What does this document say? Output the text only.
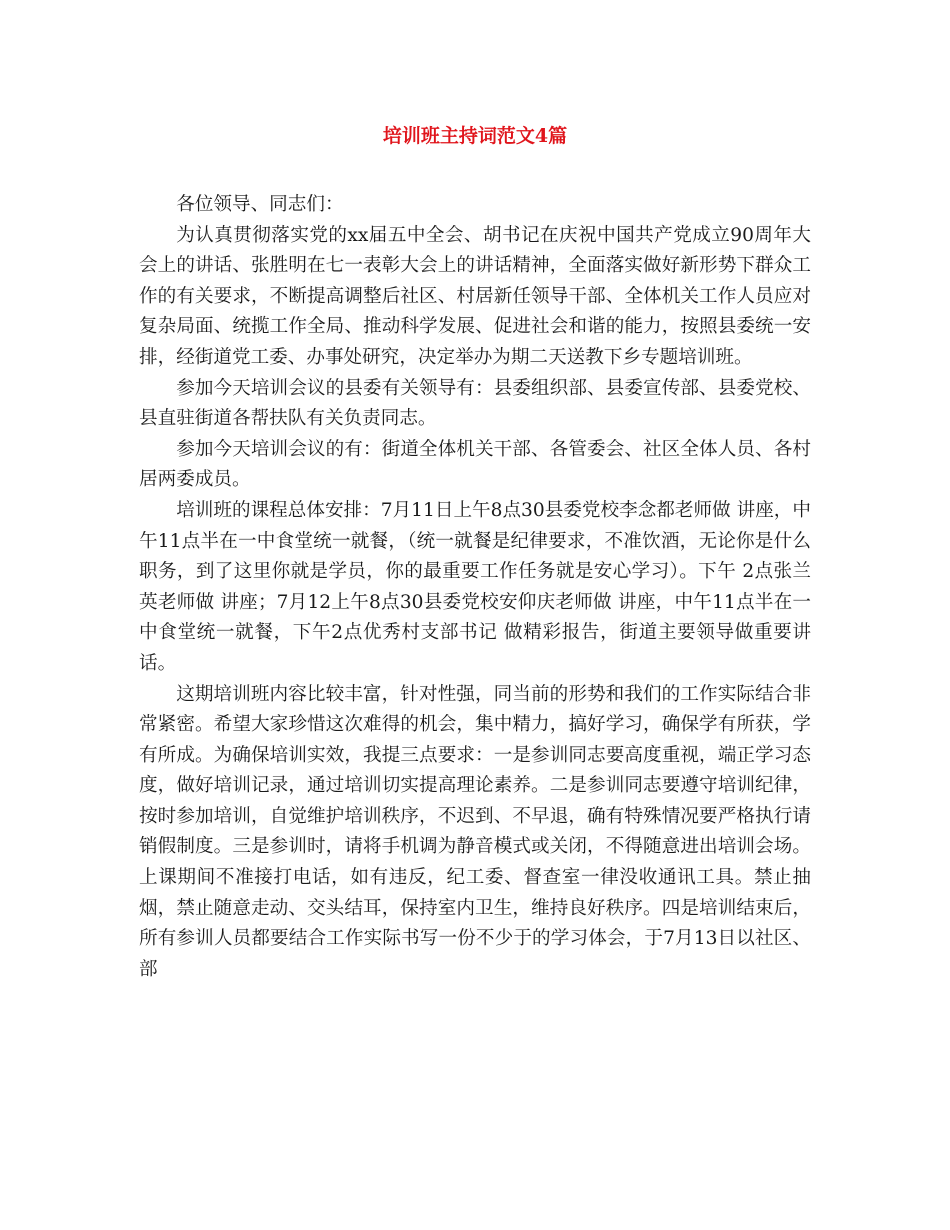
培训班主持词范文4篇

各位领导、同志们：

为认真贯彻落实党的xx届五中全会、胡书记在庆祝中国共产党成立90周年大会上的讲话、张胜明在七一表彰大会上的讲话精神，全面落实做好新形势下群众工作的有关要求，不断提高调整后社区、村居新任领导干部、全体机关工作人员应对复杂局面、统揽工作全局、推动科学发展、促进社会和谐的能力，按照县委统一安排，经街道党工委、办事处研究，决定举办为期二天送教下乡专题培训班。

参加今天培训会议的县委有关领导有：县委组织部、县委宣传部、县委党校、县直驻街道各帮扶队有关负责同志。

参加今天培训会议的有：街道全体机关干部、各管委会、社区全体人员、各村居两委成员。

培训班的课程总体安排：7月11日上午8点30县委党校李念都老师做 讲座，中午11点半在一中食堂统一就餐，（统一就餐是纪律要求，不准饮酒，无论你是什么职务，到了这里你就是学员，你的最重要工作任务就是安心学习）。下午 2点张兰英老师做 讲座；7月12上午8点30县委党校安仰庆老师做 讲座，中午11点半在一中食堂统一就餐，下午2点优秀村支部书记 做精彩报告，街道主要领导做重要讲话。

这期培训班内容比较丰富，针对性强，同当前的形势和我们的工作实际结合非常紧密。希望大家珍惜这次难得的机会，集中精力，搞好学习，确保学有所获，学有所成。为确保培训实效，我提三点要求：一是参训同志要高度重视，端正学习态度，做好培训记录，通过培训切实提高理论素养。二是参训同志要遵守培训纪律，按时参加培训，自觉维护培训秩序，不迟到、不早退，确有特殊情况要严格执行请销假制度。三是参训时，请将手机调为静音模式或关闭，不得随意进出培训会场。上课期间不准接打电话，如有违反，纪工委、督查室一律没收通讯工具。禁止抽烟，禁止随意走动、交头结耳，保持室内卫生，维持良好秩序。四是培训结束后，所有参训人员都要结合工作实际书写一份不少于的学习体会，于7月13日以社区、部
